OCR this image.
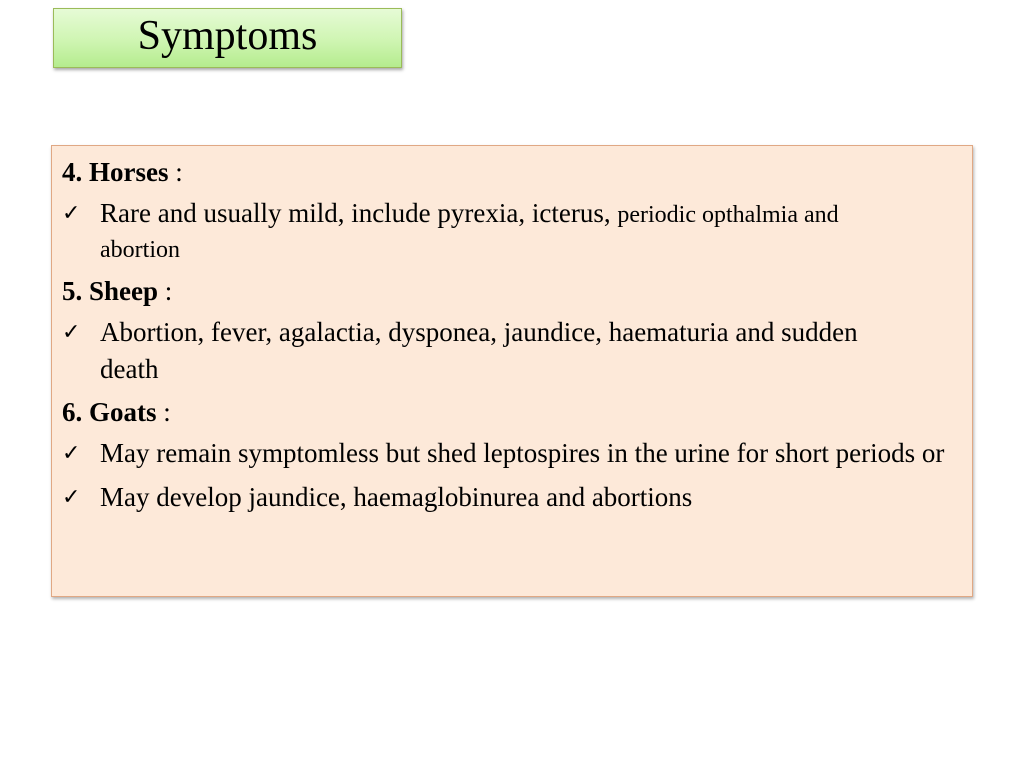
Symptoms
4. Horses :
✓ Rare and usually mild, include pyrexia, icterus, periodic opthalmia and
abortion
5. Sheep :
✓ Abortion, fever, agalactia, dysponea, jaundice, haematuria and sudden death
6. Goats :
✓ May remain symptomless but shed leptospires in the urine for short periods or
✓ May develop jaundice, haemaglobinurea and abortions
